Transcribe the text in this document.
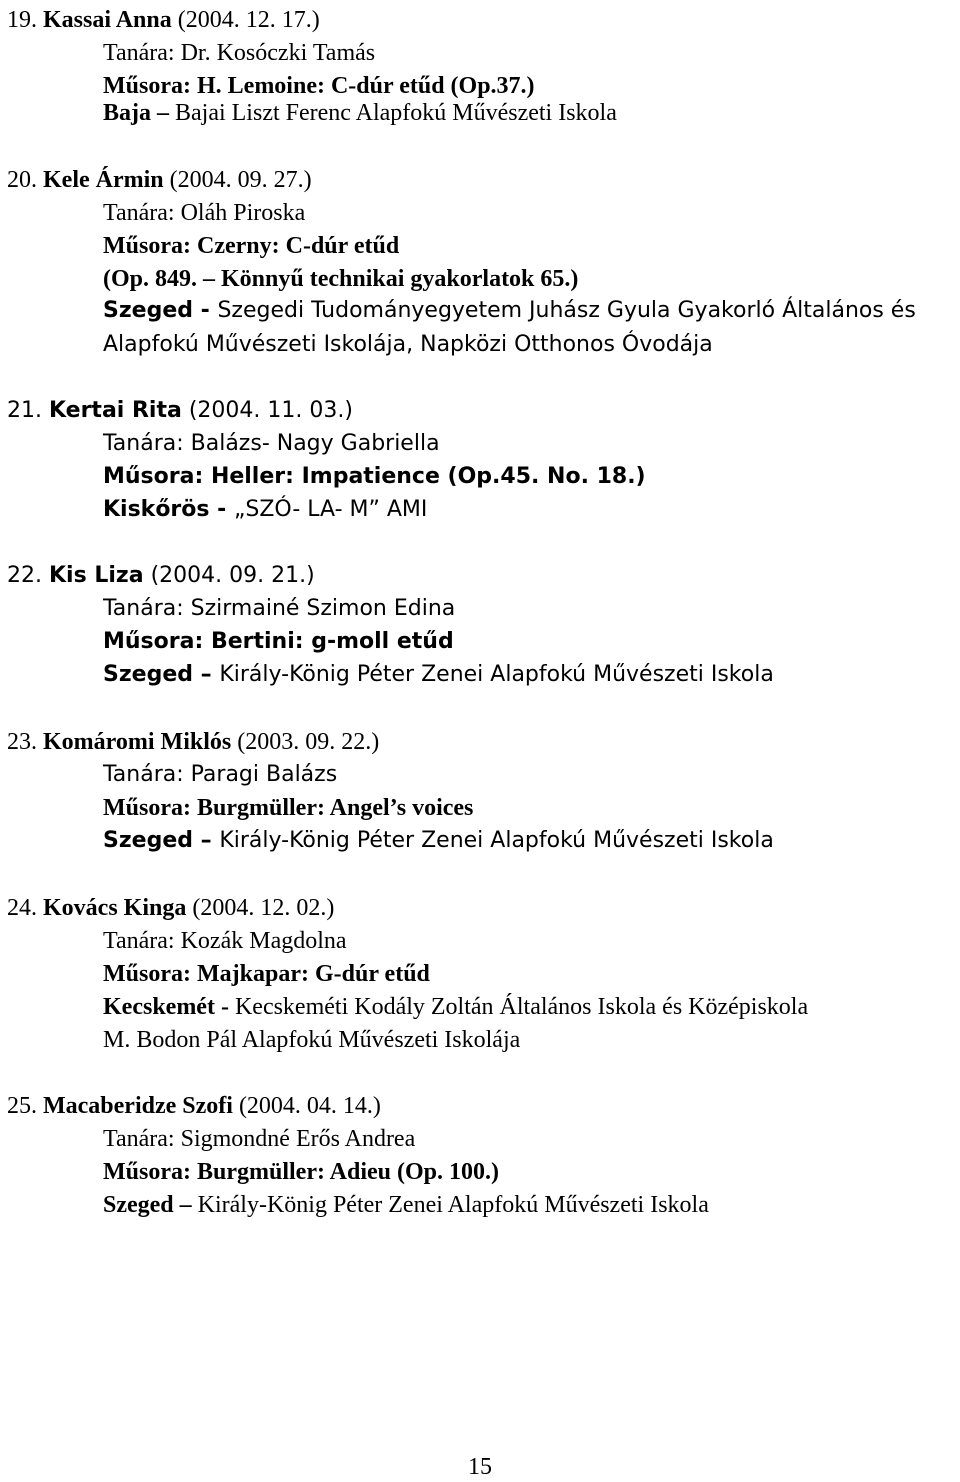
19. Kassai Anna (2004. 12. 17.)
Tanára: Dr. Kosóczki Tamás
Műsora: H. Lemoine: C-dúr etűd (Op.37.)
Baja – Bajai Liszt Ferenc Alapfokú Művészeti Iskola
20. Kele Ármin (2004. 09. 27.)
Tanára: Oláh Piroska
Műsora: Czerny: C-dúr etűd
(Op. 849. – Könnyű technikai gyakorlatok 65.)
Szeged - Szegedi Tudományegyetem Juhász Gyula Gyakorló Általános és
Alapfokú Művészeti Iskolája, Napközi Otthonos Óvodája
21. Kertai Rita (2004. 11. 03.)
Tanára: Balázs- Nagy Gabriella
Műsora: Heller: Impatience (Op.45. No. 18.)
Kiskőrös - „SZÓ- LA- M” AMI
22. Kis Liza (2004. 09. 21.)
Tanára: Szirmainé Szimon Edina
Műsora: Bertini: g-moll etűd
Szeged – Király-König Péter Zenei Alapfokú Művészeti Iskola
23. Komáromi Miklós (2003. 09. 22.)
Tanára: Paragi Balázs
Műsora: Burgmüller: Angel’s voices
Szeged – Király-König Péter Zenei Alapfokú Művészeti Iskola
24. Kovács Kinga (2004. 12. 02.)
Tanára: Kozák Magdolna
Műsora: Majkapar: G-dúr etűd
Kecskemét - Kecskeméti Kodály Zoltán Általános Iskola és Középiskola
M. Bodon Pál Alapfokú Művészeti Iskolája
25. Macaberidze Szofi (2004. 04. 14.)
Tanára: Sigmondné Erős Andrea
Műsora: Burgmüller: Adieu (Op. 100.)
Szeged – Király-König Péter Zenei Alapfokú Művészeti Iskola
15
